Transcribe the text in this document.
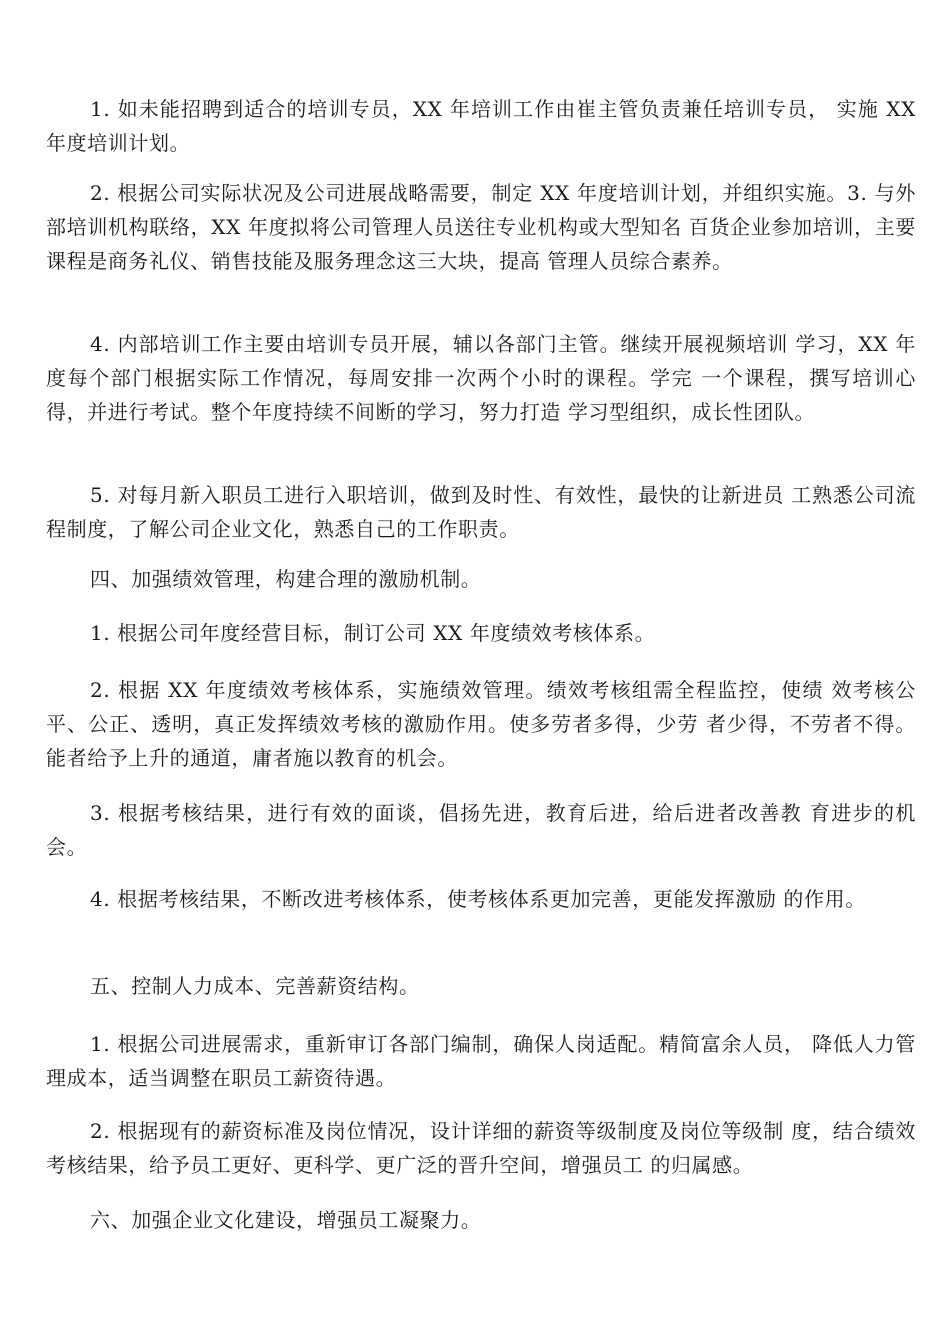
1. 如未能招聘到适合的培训专员，XX 年培训工作由崔主管负责兼任培训专员， 实施 XX 年度培训计划。

2. 根据公司实际状况及公司进展战略需要，制定 XX 年度培训计划，并组织实施。3. 与外部培训机构联络，XX 年度拟将公司管理人员送往专业机构或大型知名 百货企业参加培训，主要课程是商务礼仪、销售技能及服务理念这三大块，提高 管理人员综合素养。

4. 内部培训工作主要由培训专员开展，辅以各部门主管。继续开展视频培训 学习，XX 年度每个部门根据实际工作情况，每周安排一次两个小时的课程。学完 一个课程，撰写培训心得，并进行考试。整个年度持续不间断的学习，努力打造 学习型组织，成长性团队。

5. 对每月新入职员工进行入职培训，做到及时性、有效性，最快的让新进员 工熟悉公司流程制度，了解公司企业文化，熟悉自己的工作职责。

四、加强绩效管理，构建合理的激励机制。

1. 根据公司年度经营目标，制订公司 XX 年度绩效考核体系。

2. 根据 XX 年度绩效考核体系，实施绩效管理。绩效考核组需全程监控，使绩 效考核公平、公正、透明，真正发挥绩效考核的激励作用。使多劳者多得，少劳 者少得，不劳者不得。能者给予上升的通道，庸者施以教育的机会。

3. 根据考核结果，进行有效的面谈，倡扬先进，教育后进，给后进者改善教 育进步的机会。

4. 根据考核结果，不断改进考核体系，使考核体系更加完善，更能发挥激励 的作用。

五、控制人力成本、完善薪资结构。

1. 根据公司进展需求，重新审订各部门编制，确保人岗适配。精简富余人员， 降低人力管理成本，适当调整在职员工薪资待遇。

2. 根据现有的薪资标准及岗位情况，设计详细的薪资等级制度及岗位等级制 度，结合绩效考核结果，给予员工更好、更科学、更广泛的晋升空间，增强员工 的归属感。

六、加强企业文化建设，增强员工凝聚力。
